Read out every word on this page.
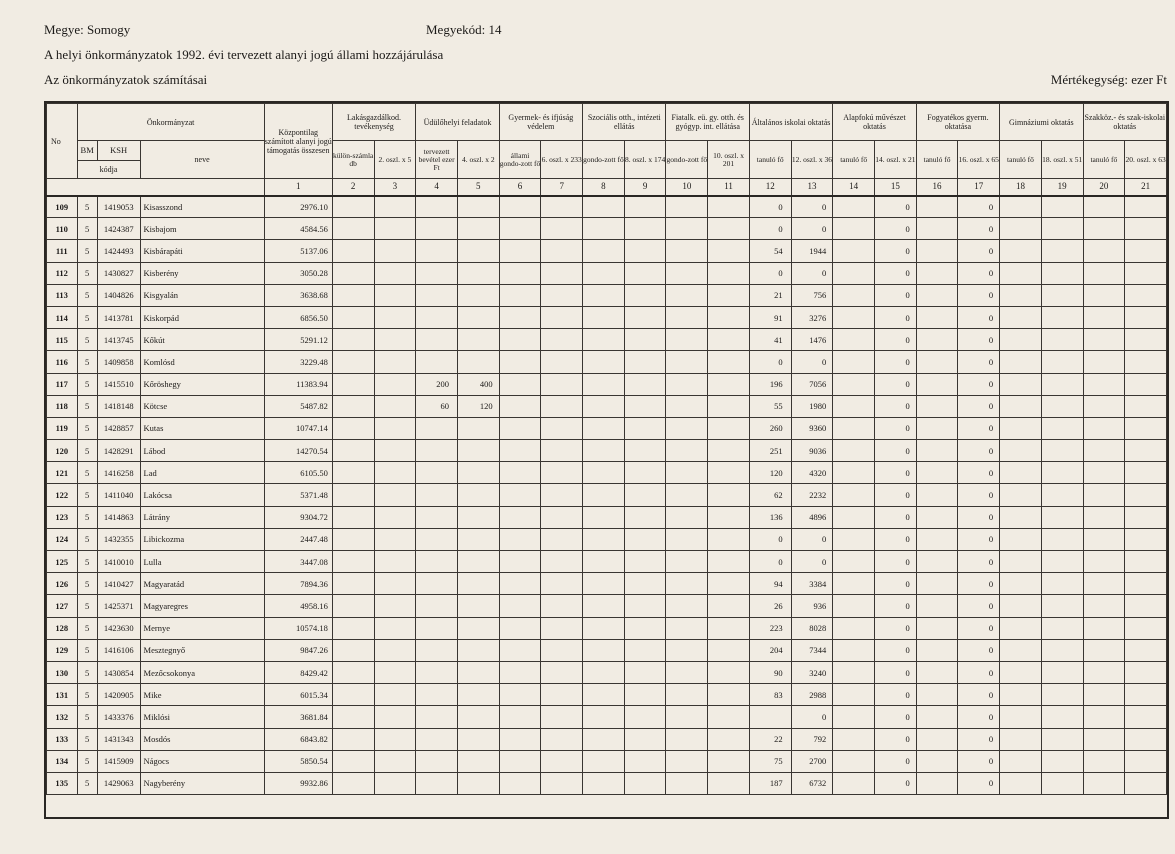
Megye: Somogy	Megyekód: 14
A helyi önkormányzatok 1992. évi tervezett alanyi jogú állami hozzájárulása
Az önkormányzatok számításai	Mértékegység: ezer Ft
No	Önkormányzat			Központilag számított alanyi jogú támogatás összesen	Lakásgazdálkod. tevékenység		Üdülőhelyi feladatok		Gyermek- és ifjúság védelem		Szociális otth., intézeti ellátás		Fiatalk. eü. gy. otth. és gyógyp. int. ellátása		Általános iskolai oktatás		Alapfokú művészet oktatás		Fogyatékos gyerm. oktatása		Gimnáziumi oktatás		Szakköz.- és szak-iskolai oktatás	
	BM	KSH	neve		külön-számla db	2. oszl. x 5	tervezett bevétel ezer Ft	4. oszl. x 2	állami gondo-zott fő	6. oszl. x 233	gondo-zott fő	8. oszl. x 174	gondo-zott fő	10. oszl. x 201	tanuló fő	12. oszl. x 36	tanuló fő	14. oszl. x 21	tanuló fő	16. oszl. x 65	tanuló fő	18. oszl. x 51	tanuló fő	20. oszl. x 63
	kódja																							
				1	2	3	4	5	6	7	8	9	10	11	12	13	14	15	16	17	18	19	20	21
109	5	1419053	Kisasszond	2976.10											0	0		0		0				
110	5	1424387	Kisbajom	4584.56											0	0		0		0				
111	5	1424493	Kisbárapáti	5137.06											54	1944		0		0				
112	5	1430827	Kisberény	3050.28											0	0		0		0				
113	5	1404826	Kisgyalán	3638.68											21	756		0		0				
114	5	1413781	Kiskorpád	6856.50											91	3276		0		0				
115	5	1413745	Kőkút	5291.12											41	1476		0		0				
116	5	1409858	Komlósd	3229.48											0	0		0		0				
117	5	1415510	Kőröshegy	11383.94			200	400							196	7056		0		0				
118	5	1418148	Kötcse	5487.82			60	120							55	1980		0		0				
119	5	1428857	Kutas	10747.14											260	9360		0		0				
120	5	1428291	Lábod	14270.54											251	9036		0		0				
121	5	1416258	Lad	6105.50											120	4320		0		0				
122	5	1411040	Lakócsa	5371.48											62	2232		0		0				
123	5	1414863	Látrány	9304.72											136	4896		0		0				
124	5	1432355	Libickozma	2447.48											0	0		0		0				
125	5	1410010	Lulla	3447.08											0	0		0		0				
126	5	1410427	Magyaratád	7894.36											94	3384		0		0				
127	5	1425371	Magyaregres	4958.16											26	936		0		0				
128	5	1423630	Mernye	10574.18											223	8028		0		0				
129	5	1416106	Mesztegnyő	9847.26											204	7344		0		0				
130	5	1430854	Mezőcsokonya	8429.42											90	3240		0		0				
131	5	1420905	Mike	6015.34											83	2988		0		0				
132	5	1433376	Miklósi	3681.84												0		0		0				
133	5	1431343	Mosdós	6843.82											22	792		0		0				
134	5	1415909	Nágocs	5850.54											75	2700		0		0				
135	5	1429063	Nagyberény	9932.86											187	6732		0		0				
